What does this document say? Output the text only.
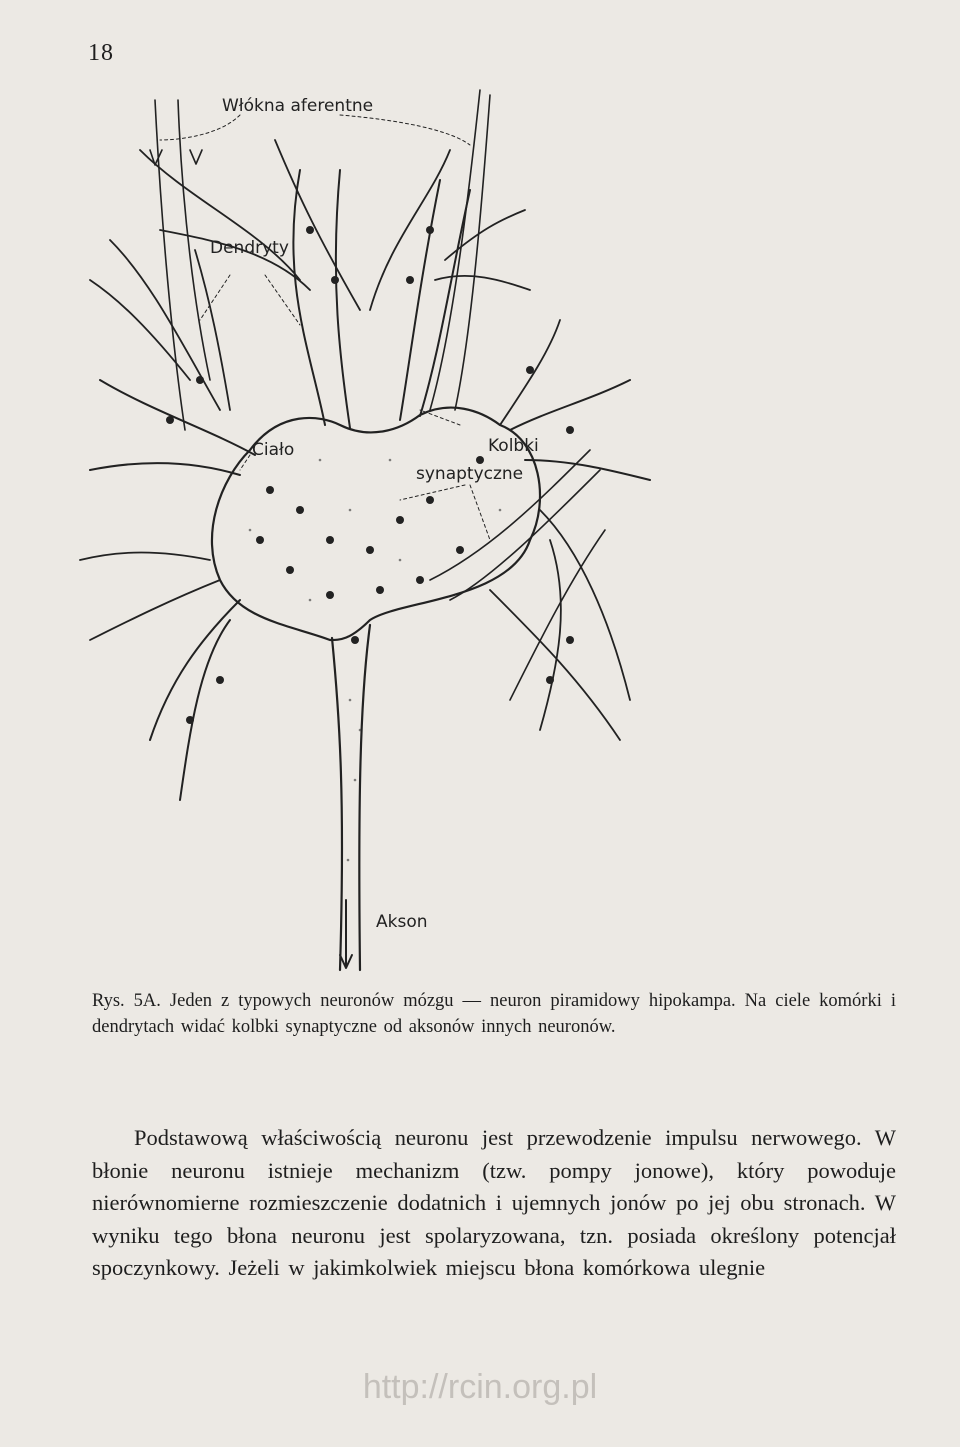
18
Włókna aferentne
Dendryty
Ciało	Kolbki
synaptyczne
Akson
Rys. 5A. Jeden z typowych neuronów mózgu — neuron piramidowy hipokampa. Na ciele komórki i dendrytach widać kolbki synaptyczne od aksonów innych neuronów.
Podstawową właściwością neuronu jest przewodzenie impulsu nerwowego. W błonie neuronu istnieje mechanizm (tzw. pompy jonowe), który powoduje nierównomierne rozmieszczenie dodatnich i ujemnych jonów po jej obu stronach. W wyniku tego błona neuronu jest spolaryzowana, tzn. posiada określony potencjał spoczynkowy. Jeżeli w jakimkolwiek miejscu błona komórkowa ulegnie
http://rcin.org.pl
